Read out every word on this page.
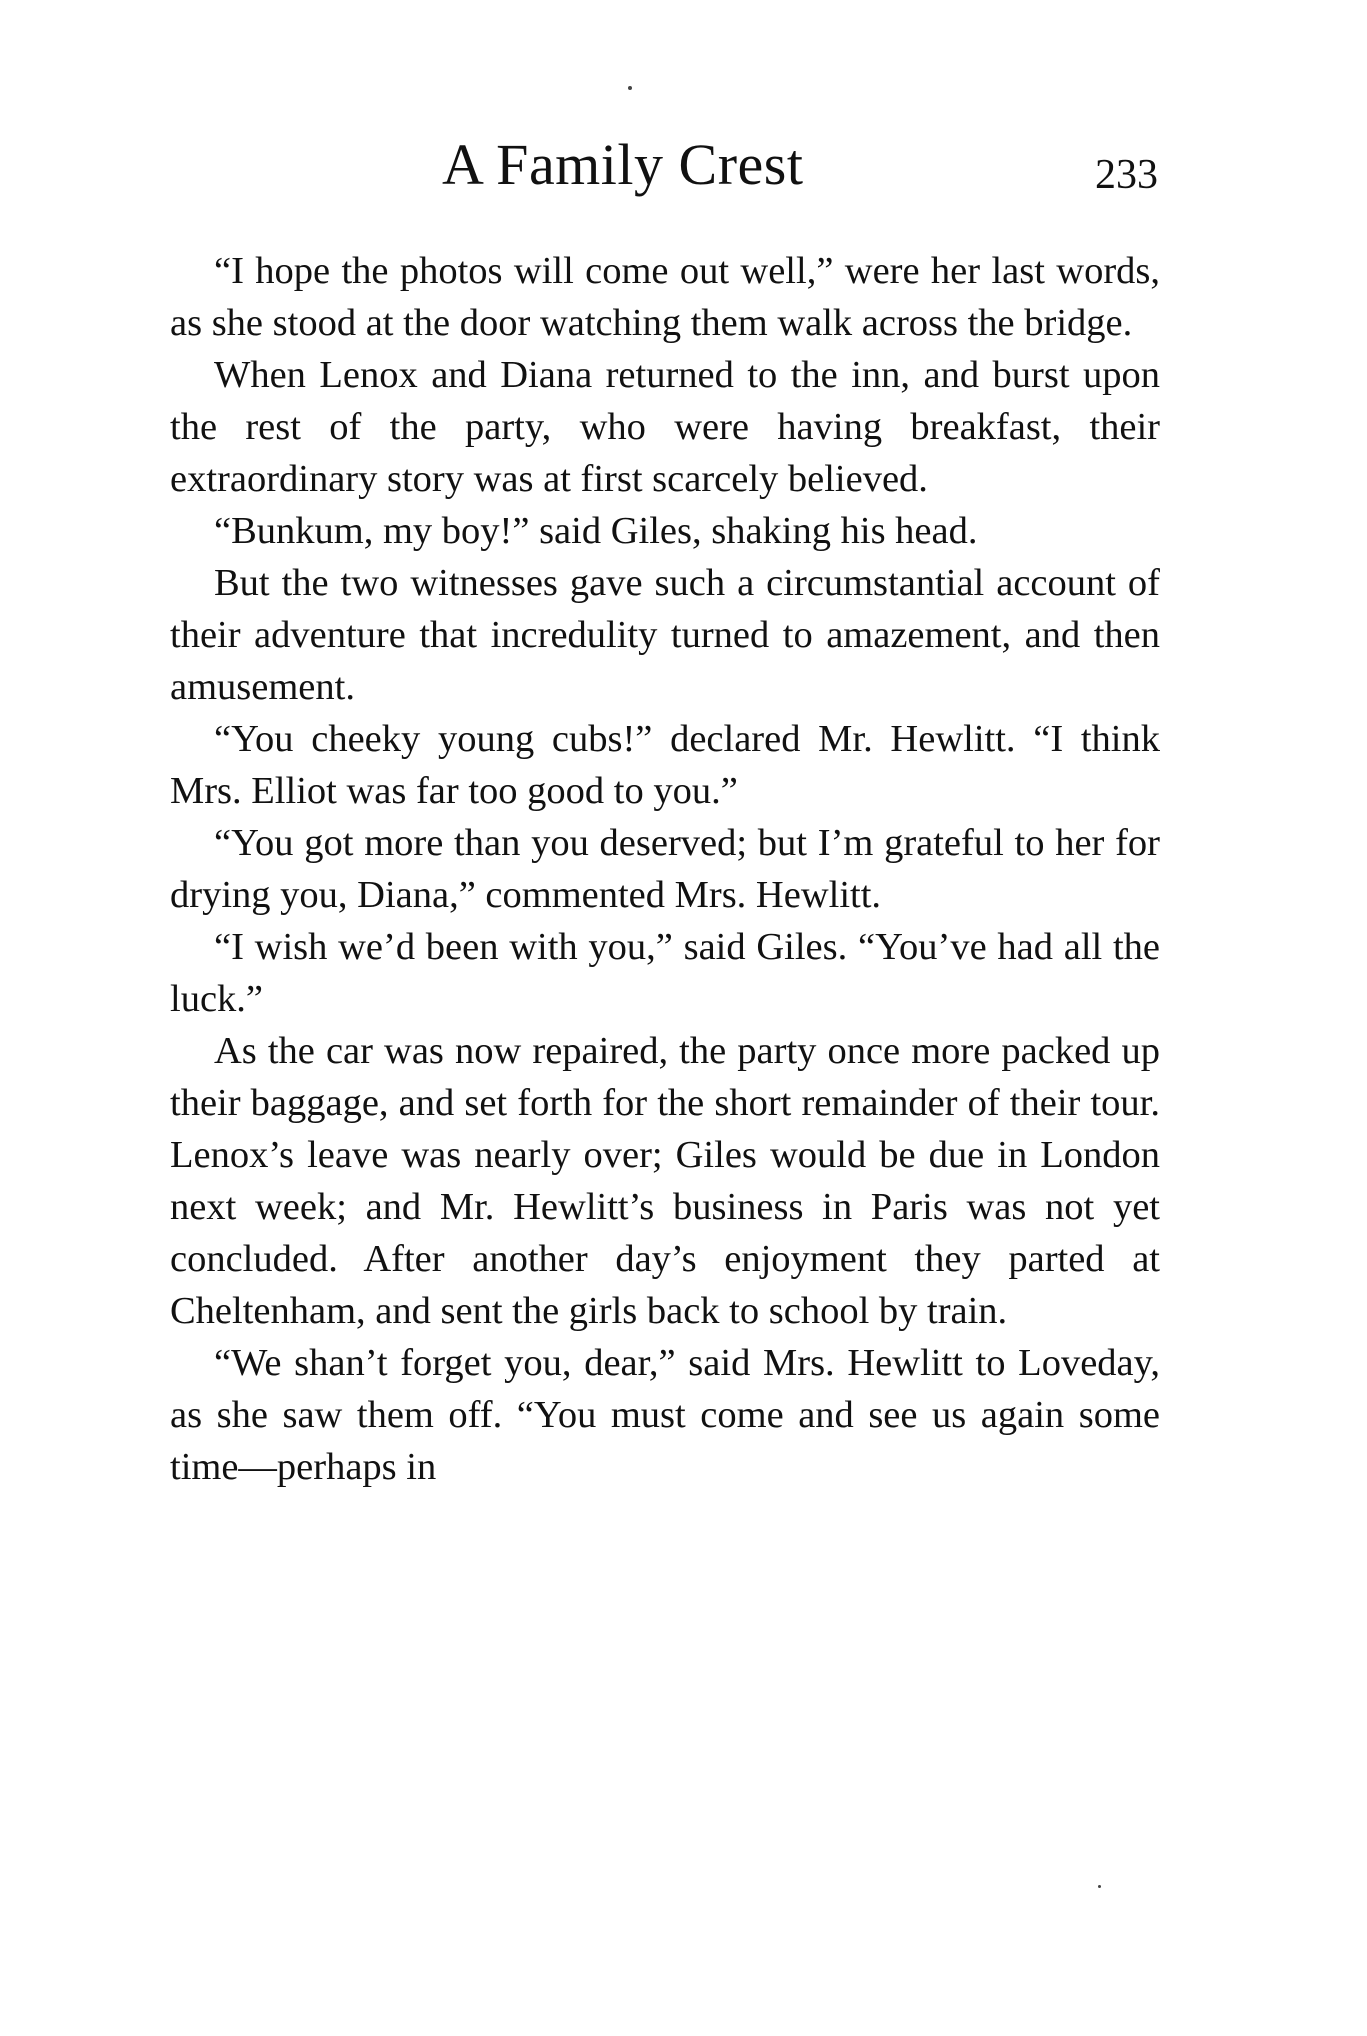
A Family Crest	233

“I hope the photos will come out well,” were her last words, as she stood at the door watching them walk across the bridge.

When Lenox and Diana returned to the inn, and burst upon the rest of the party, who were having breakfast, their extraordinary story was at first scarcely believed.

“Bunkum, my boy!” said Giles, shaking his head.

But the two witnesses gave such a circumstantial account of their adventure that incredulity turned to amazement, and then amusement.

“You cheeky young cubs!” declared Mr. Hewlitt. “I think Mrs. Elliot was far too good to you.”

“You got more than you deserved; but I’m grateful to her for drying you, Diana,” commented Mrs. Hewlitt.

“I wish we’d been with you,” said Giles. “You’ve had all the luck.”

As the car was now repaired, the party once more packed up their baggage, and set forth for the short remainder of their tour. Lenox’s leave was nearly over; Giles would be due in London next week; and Mr. Hewlitt’s business in Paris was not yet concluded. After another day’s enjoyment they parted at Cheltenham, and sent the girls back to school by train.

“We shan’t forget you, dear,” said Mrs. Hewlitt to Loveday, as she saw them off. “You must come and see us again some time—perhaps in
